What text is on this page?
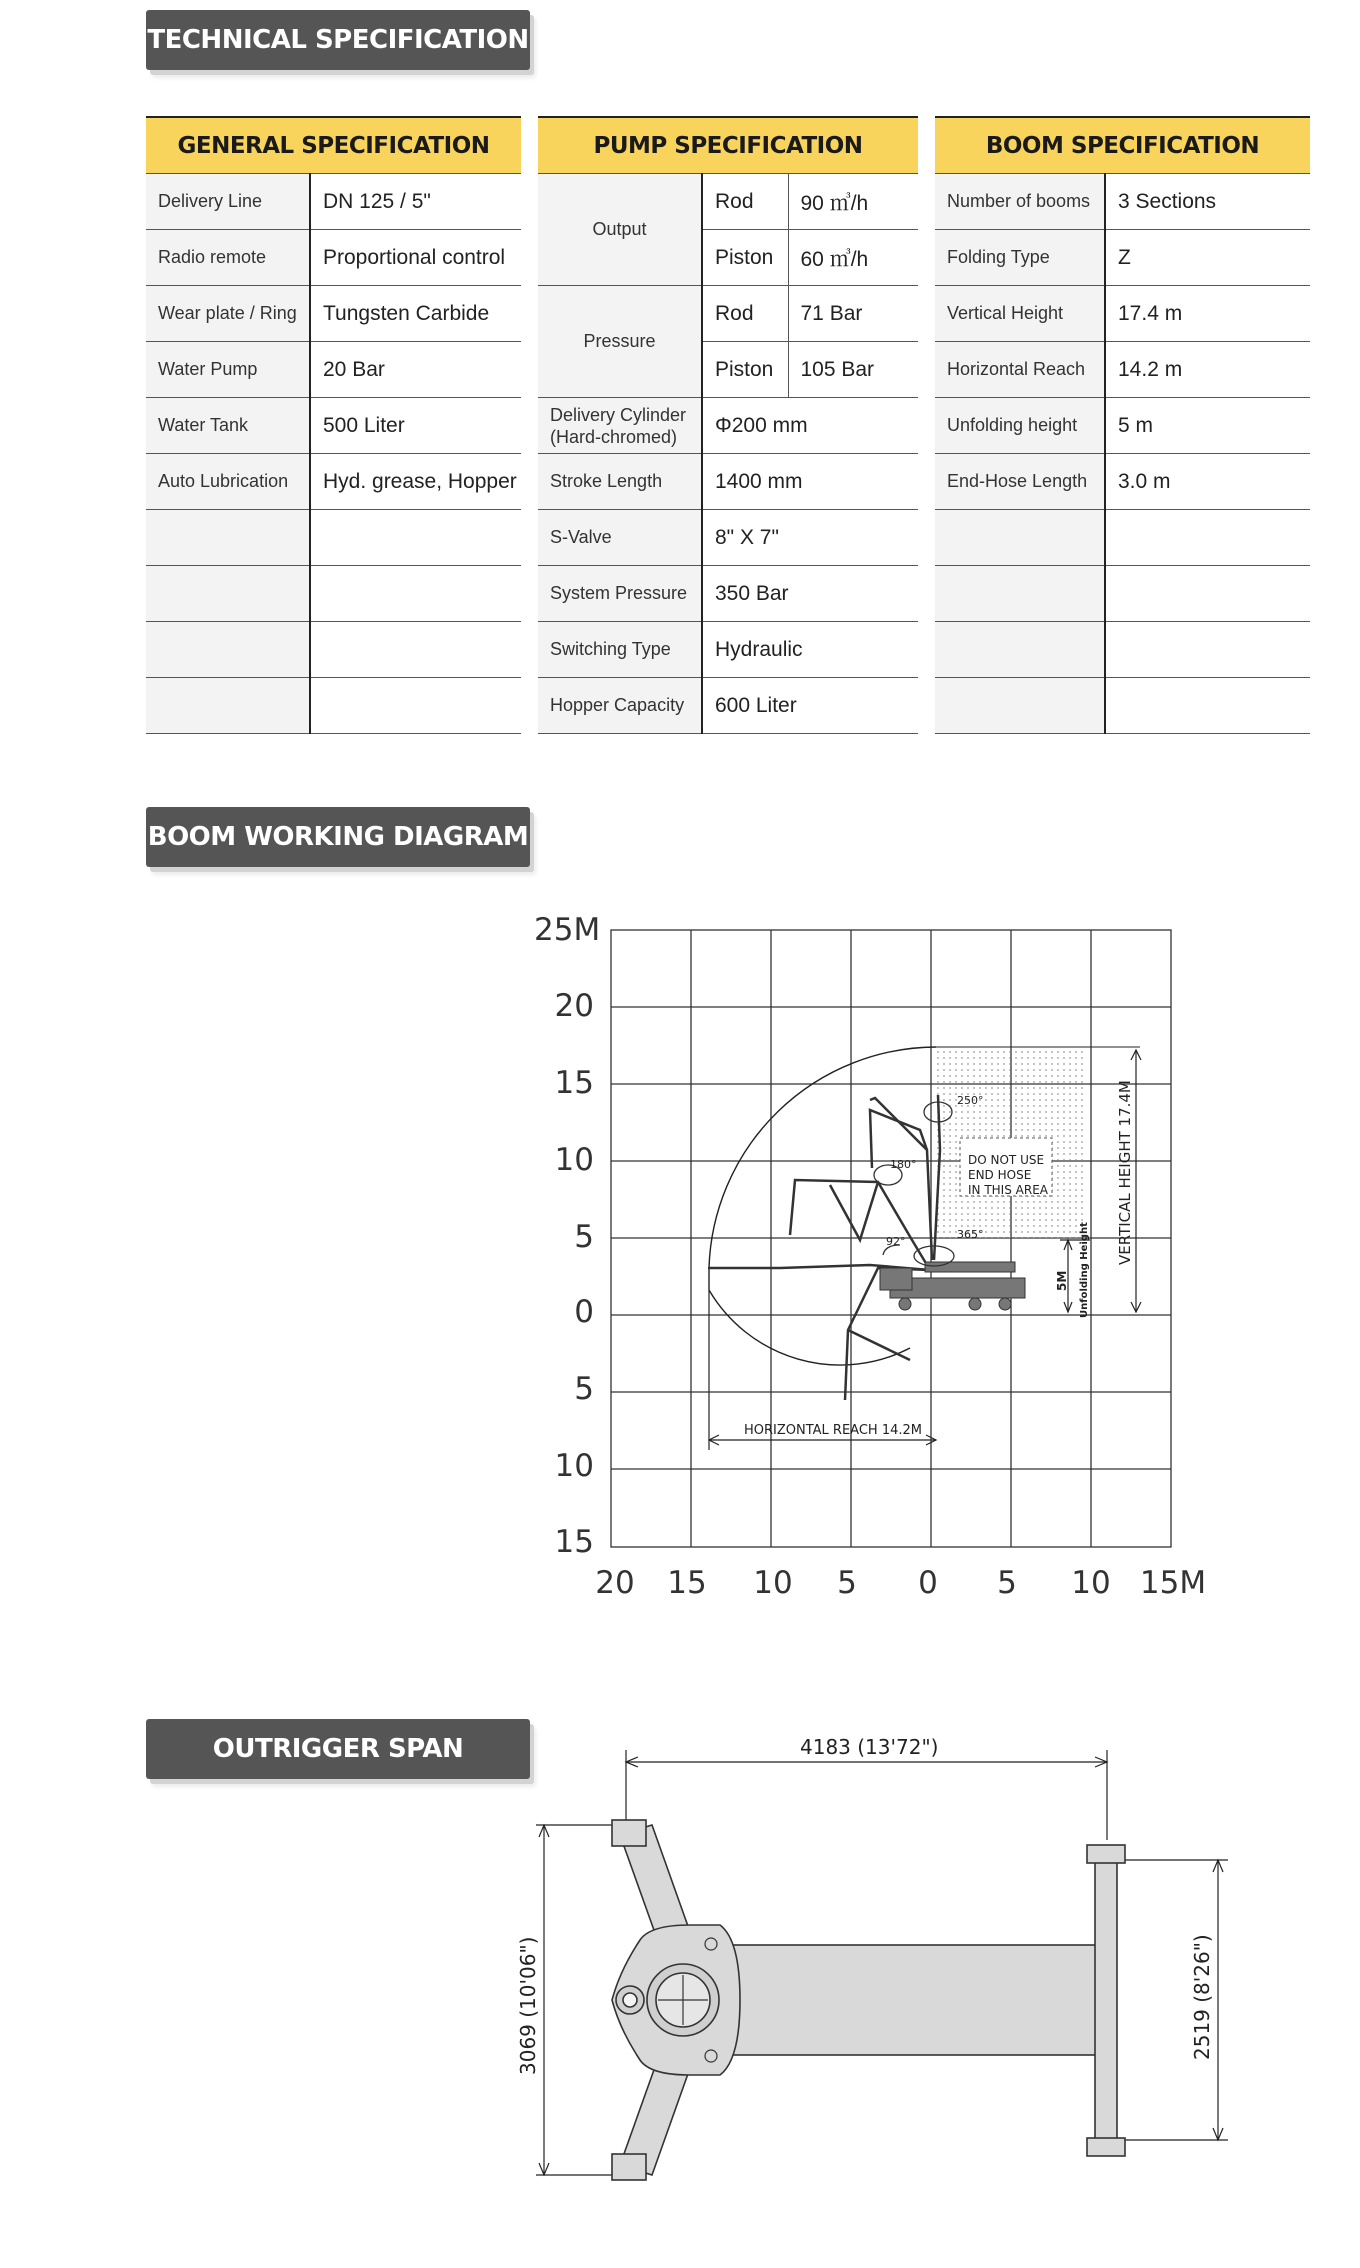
TECHNICAL SPECIFICATION
GENERAL SPECIFICATION	
Delivery Line	DN 125 / 5"
Radio remote	Proportional control
Wear plate / Ring	Tungsten Carbide
Water Pump	20 Bar
Water Tank	500 Liter
Auto Lubrication	Hyd. grease, Hopper

PUMP SPECIFICATION		
Output	Rod	90 ㎥/h
	Piston	60 ㎥/h
Pressure	Rod	71 Bar
	Piston	105 Bar
Delivery Cylinder
(Hard-chromed)	Φ200 mm	
Stroke Length	1400 mm	
S-Valve	8" X 7"	
System Pressure	350 Bar	
Switching Type	Hydraulic	
Hopper Capacity	600 Liter	
BOOM SPECIFICATION	
Number of booms	3 Sections
Folding Type	Z
Vertical Height	17.4 m
Horizontal Reach	14.2 m
Unfolding height	5 m
End-Hose Length	3.0 m

BOOM WORKING DIAGRAM
25M
20
15
10
5
0
5
10
15
20	15	10	5	0	5	10 15M
250°
180°
92°
365°
DO NOT USE
END HOSE
IN THIS AREA	VERTICAL HEIGHT 17.4M
5M Unfolding Height
HORIZONTAL REACH 14.2M
OUTRIGGER SPAN	4183 (13'72")
3069 (10'06")	2519 (8'26")
